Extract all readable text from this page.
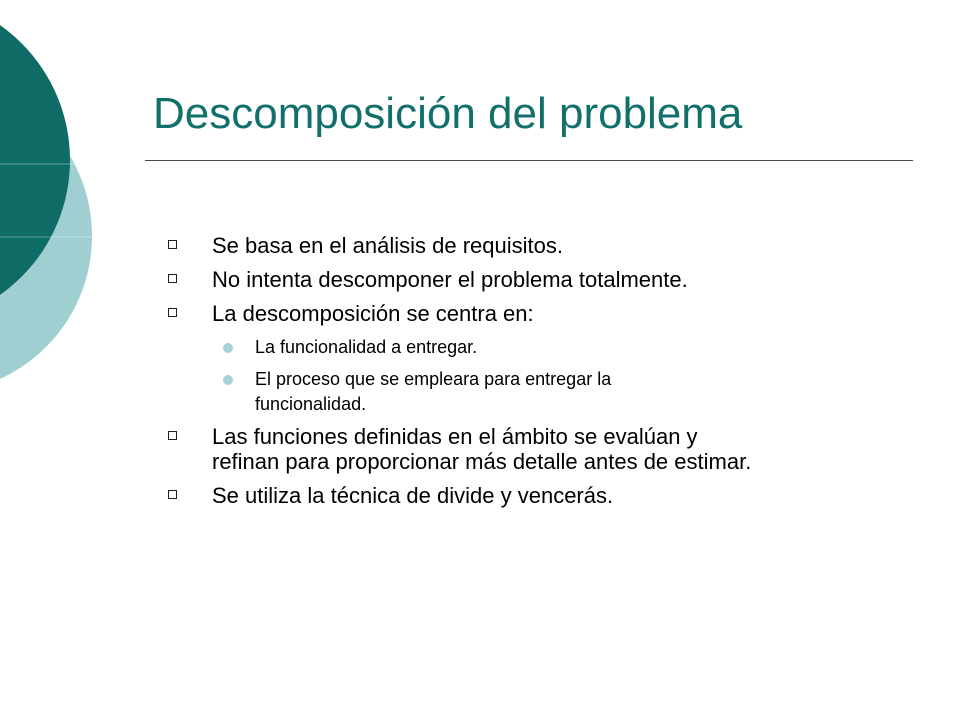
Descomposición del problema
Se basa en el análisis de requisitos.
No intenta descomponer el problema totalmente.
La descomposición se centra en:
La funcionalidad a entregar.
El proceso que se empleara para entregar la
funcionalidad.
Las funciones definidas en el ámbito se evalúan y
refinan para proporcionar más detalle antes de estimar.
Se utiliza la técnica de divide y vencerás.
